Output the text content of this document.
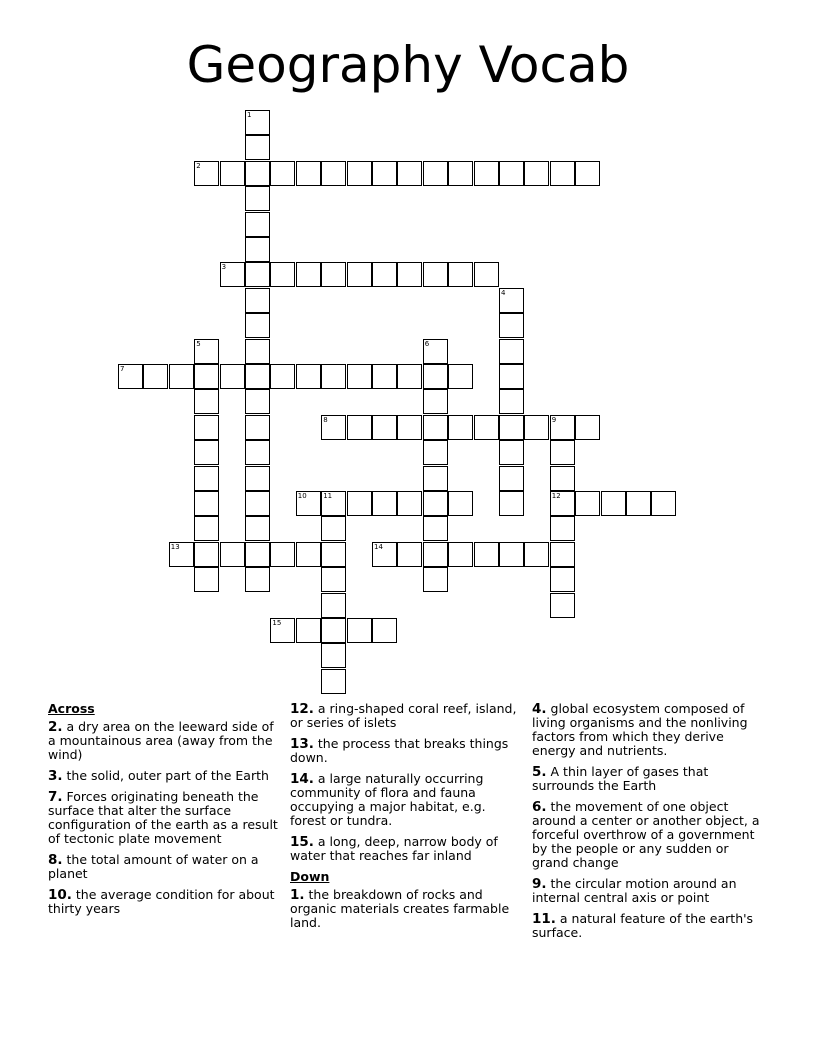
Geography Vocab
1
2
3
4
5	6
7
8	9
12
10 11
13	14
15
Across
2. a dry area on the leeward side of a mountainous area (away from the wind)
3. the solid, outer part of the Earth
7. Forces originating beneath the surface that alter the surface configuration of the earth as a result of tectonic plate movement
8. the total amount of water on a planet
10. the average condition for about thirty years
12. a ring-shaped coral reef, island, or series of islets
13. the process that breaks things down.
14. a large naturally occurring community of flora and fauna occupying a major habitat, e.g. forest or tundra.
15. a long, deep, narrow body of water that reaches far inland
Down
1. the breakdown of rocks and organic materials creates farmable land.
4. global ecosystem composed of living organisms and the nonliving factors from which they derive energy and nutrients.
5. A thin layer of gases that surrounds the Earth
6. the movement of one object around a center or another object, a forceful overthrow of a government by the people or any sudden or grand change
9. the circular motion around an internal central axis or point
11. a natural feature of the earth's surface.
